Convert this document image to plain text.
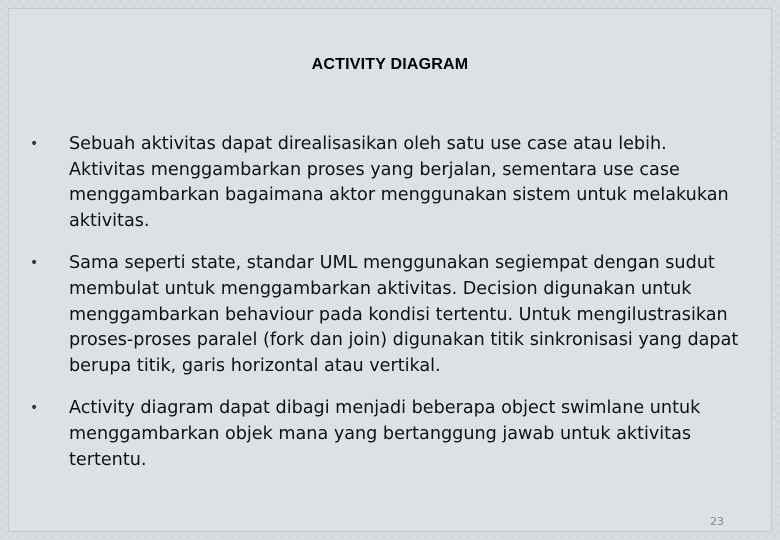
ACTIVITY DIAGRAM
• Sebuah aktivitas dapat direalisasikan oleh satu use case atau lebih. Aktivitas menggambarkan proses yang berjalan, sementara use case menggambarkan bagaimana aktor menggunakan sistem untuk melakukan aktivitas.
• Sama seperti state, standar UML menggunakan segiempat dengan sudut membulat untuk menggambarkan aktivitas. Decision digunakan untuk menggambarkan behaviour pada kondisi tertentu. Untuk mengilustrasikan proses-proses paralel (fork dan join) digunakan titik sinkronisasi yang dapat berupa titik, garis horizontal atau vertikal.
• Activity diagram dapat dibagi menjadi beberapa object swimlane untuk menggambarkan objek mana yang bertanggung jawab untuk aktivitas tertentu.
23
